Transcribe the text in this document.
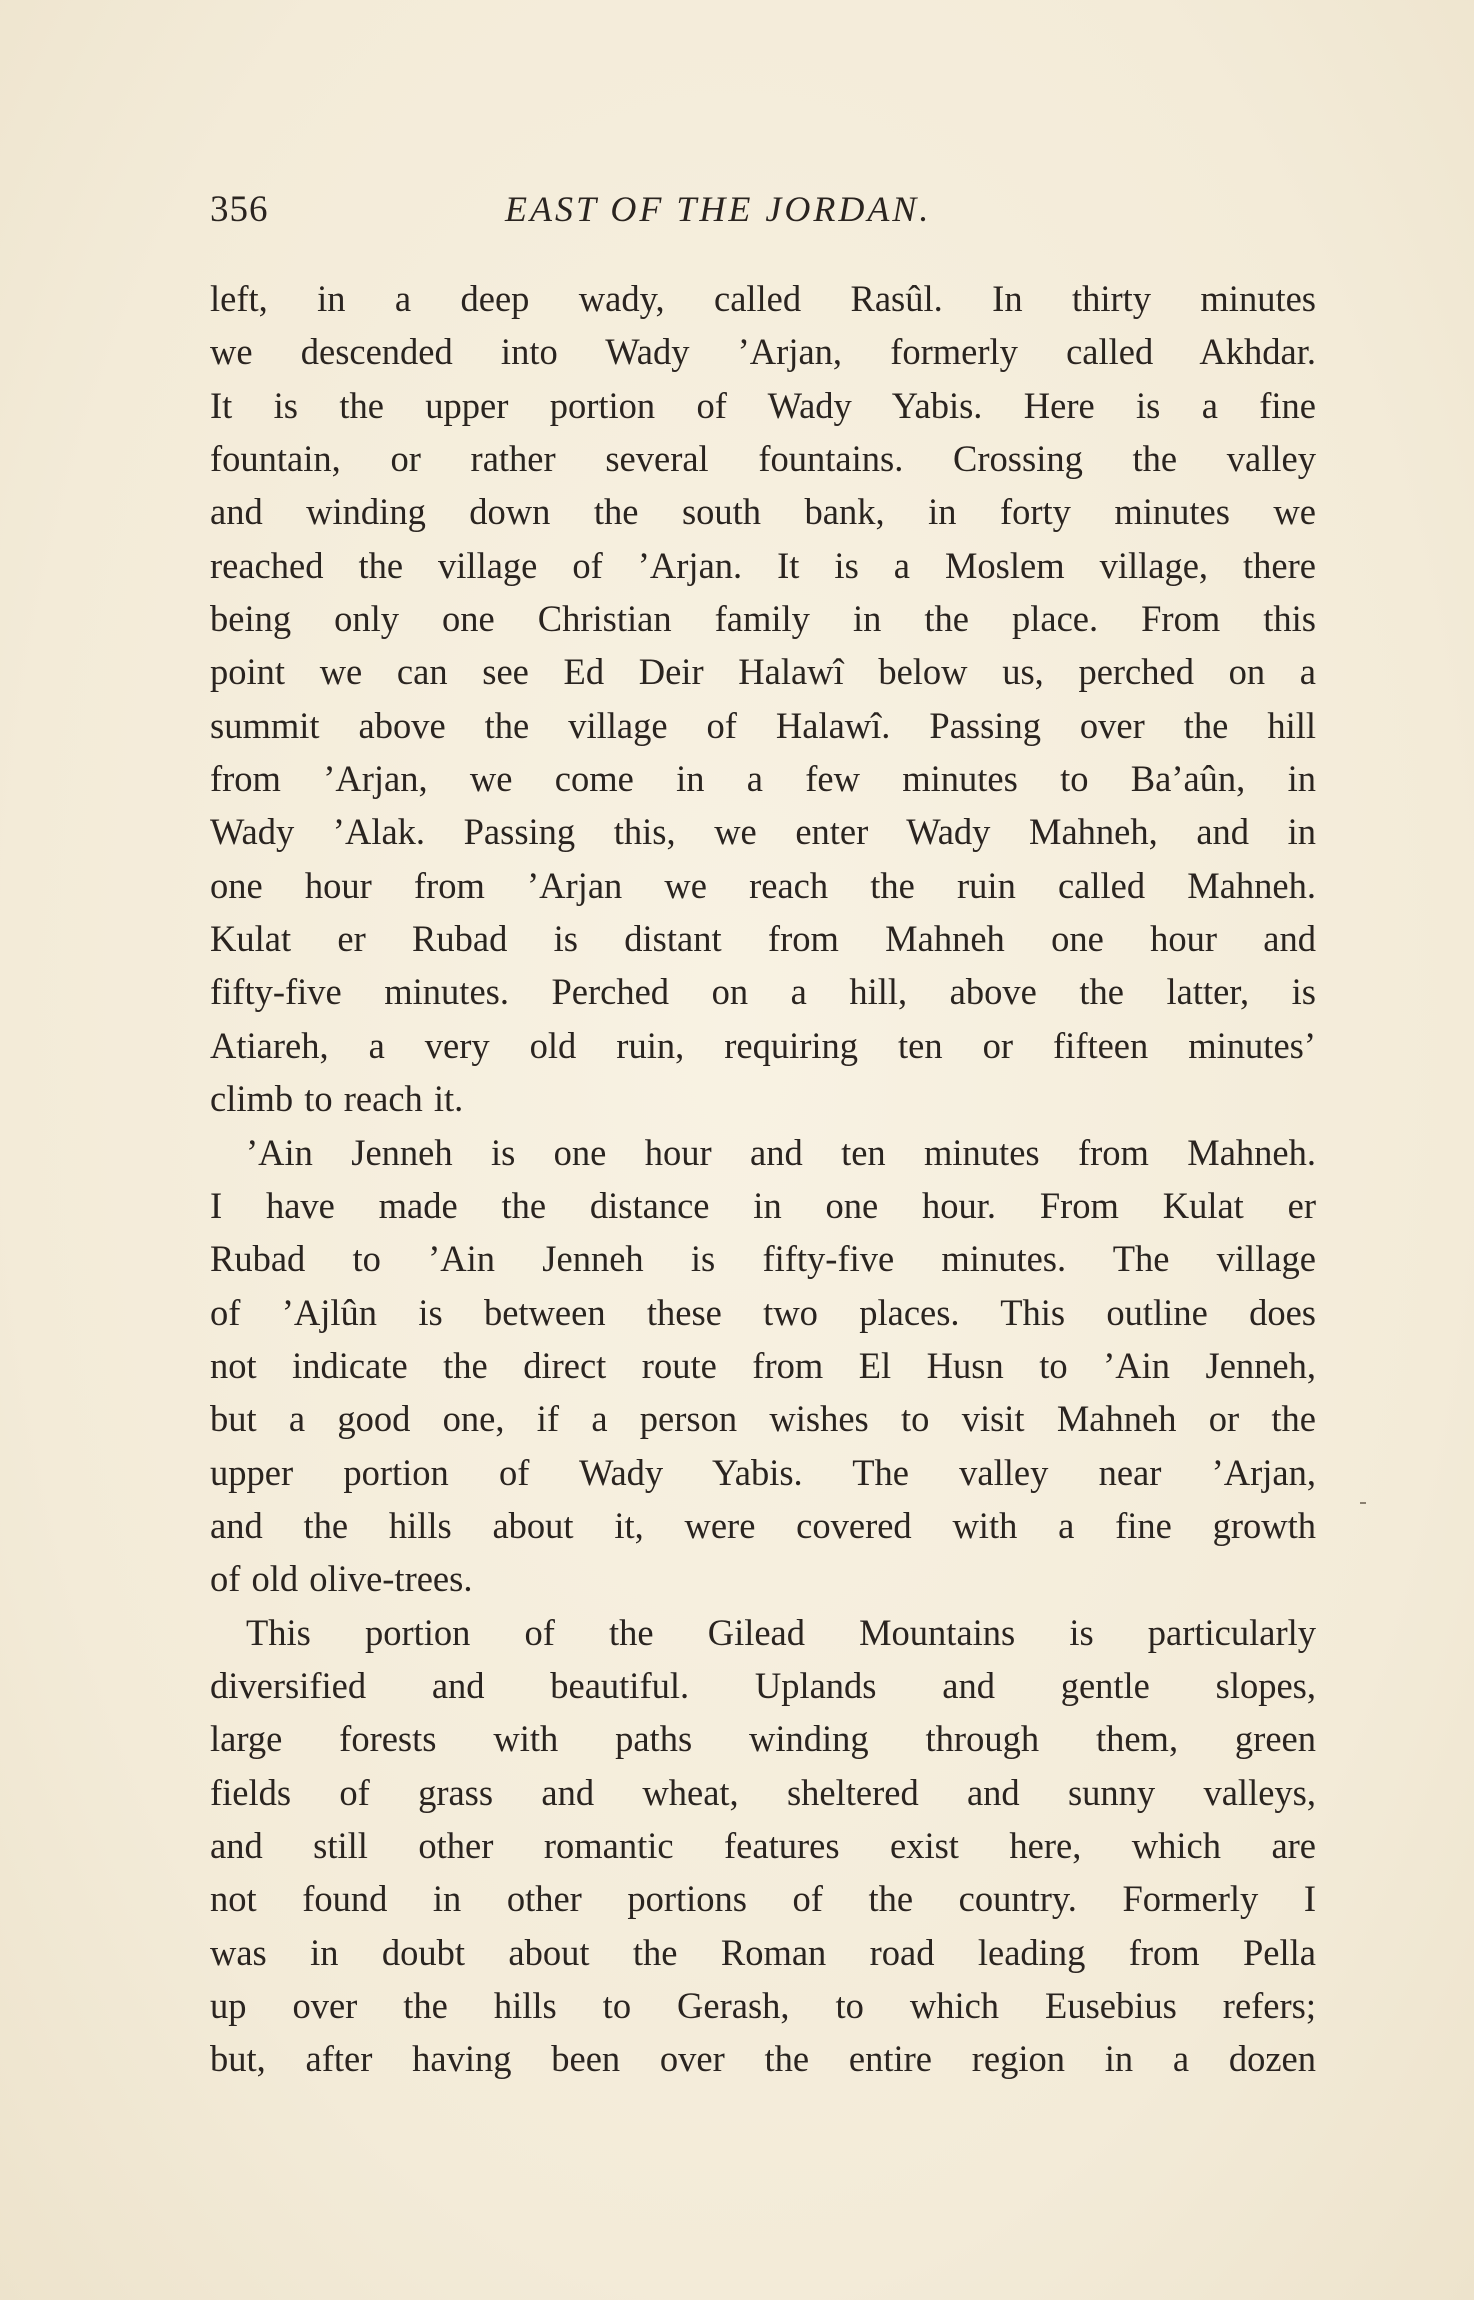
356	EAST OF THE JORDAN.
left, in a deep wady, called Rasûl. In thirty minutes
we descended into Wady ’Arjan, formerly called Akhdar.
It is the upper portion of Wady Yabis. Here is a fine
fountain, or rather several fountains. Crossing the valley
and winding down the south bank, in forty minutes we
reached the village of ’Arjan. It is a Moslem village, there
being only one Christian family in the place. From this
point we can see Ed Deir Halawî below us, perched on a
summit above the village of Halawî. Passing over the hill
from ’Arjan, we come in a few minutes to Ba’aûn, in
Wady ’Alak. Passing this, we enter Wady Mahneh, and in
one hour from ’Arjan we reach the ruin called Mahneh.
Kulat er Rubad is distant from Mahneh one hour and
fifty-five minutes. Perched on a hill, above the latter, is
Atiareh, a very old ruin, requiring ten or fifteen minutes’
climb to reach it.
’Ain Jenneh is one hour and ten minutes from Mahneh.
I have made the distance in one hour. From Kulat er
Rubad to ’Ain Jenneh is fifty-five minutes. The village
of ’Ajlûn is between these two places. This outline does
not indicate the direct route from El Husn to ’Ain Jenneh,
but a good one, if a person wishes to visit Mahneh or the
upper portion of Wady Yabis. The valley near ’Arjan,
and the hills about it, were covered with a fine growth
of old olive-trees.
This portion of the Gilead Mountains is particularly
diversified and beautiful. Uplands and gentle slopes,
large forests with paths winding through them, green
fields of grass and wheat, sheltered and sunny valleys,
and still other romantic features exist here, which are
not found in other portions of the country. Formerly I
was in doubt about the Roman road leading from Pella
up over the hills to Gerash, to which Eusebius refers;
but, after having been over the entire region in a dozen
